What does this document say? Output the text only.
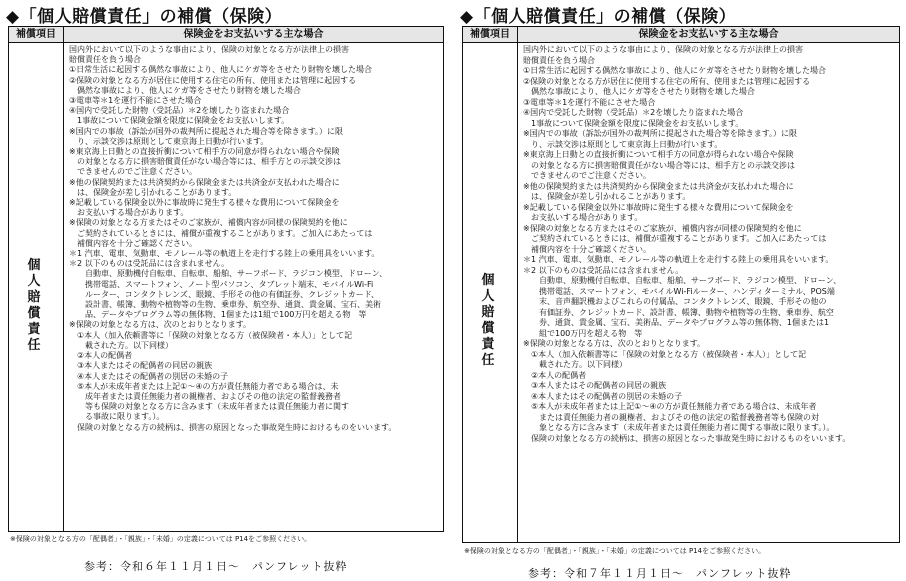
◆「個人賠償責任」の補償（保険）
補償項目	保険金をお支払いする主な場合
個人賠償責任
国内外において以下のような事由により、保険の対象となる方が法律上の損害
賠償責任を負う場合
①日常生活に起因する偶然な事故により、他人にケガ等をさせたり財物を壊した場合
②保険の対象となる方が居住に使用する住宅の所有、使用または管理に起因する
　偶然な事故により、他人にケガ等をさせたり財物を壊した場合
③電車等＊1を運行不能にさせた場合
④国内で受託した財物（受託品）＊2を壊したり盗まれた場合
　1事故について保険金額を限度に保険金をお支払いします。
※国内での事故（訴訟が国外の裁判所に提起された場合等を除きます。）に限
　り、示談交渉は原則として東京海上日動が行います。
※東京海上日動との直接折衝について相手方の同意が得られない場合や保険
　の対象となる方に損害賠償責任がない場合等には、相手方との示談交渉は
　できませんのでご注意ください。
※他の保険契約または共済契約から保険金または共済金が支払われた場合に
　は、保険金が差し引かれることがあります。
※記載している保険金以外に事故時に発生する様々な費用について保険金を
　お支払いする場合があります。
※保険の対象となる方またはそのご家族が、補償内容が同様の保険契約を他に
　ご契約されているときには、補償が重複することがあります。ご加入にあたっては
　補償内容を十分ご確認ください。
＊1 汽車、電車、気動車、モノレール等の軌道上を走行する陸上の乗用具をいいます。
＊2 以下のものは受託品には含まれません。
　　自動車、原動機付自転車、自転車、船舶、サーフボード、ラジコン模型、ドローン、
　　携帯電話、スマートフォン、ノート型パソコン、タブレット端末、モバイルWi-Fi
　　ルーター、コンタクトレンズ、眼鏡、手形その他の有価証券、クレジットカード、
　　設計書、帳簿、動物や植物等の生物、乗車券、航空券、通貨、貴金属、宝石、美術
　　品、データやプログラム等の無体物、1個または1組で100万円を超える物　等
※保険の対象となる方は、次のとおりとなります。
　①本人（加入依頼書等に「保険の対象となる方（被保険者・本人）」として記
　　載された方。以下同様）
　②本人の配偶者
　③本人またはその配偶者の同居の親族
　④本人またはその配偶者の別居の未婚の子
　⑤本人が未成年者または上記①～④の方が責任無能力者である場合は、未
　　成年者または責任無能力者の親権者、およびその他の法定の監督義務者
　　等も保険の対象となる方に含みます（未成年者または責任無能力者に関す
　　る事故に限ります。）。
　保険の対象となる方の続柄は、損害の原因となった事故発生時におけるものをいいます。
※保険の対象となる方の「配偶者」・「親族」・「未婚」の定義については P14をご参照ください。
参考：令和６年１１月１日～　パンフレット抜粋
◆「個人賠償責任」の補償（保険）
補償項目	保険金をお支払いする主な場合
個人賠償責任
国内外において以下のような事由により、保険の対象となる方が法律上の損害
賠償責任を負う場合
①日常生活に起因する偶然な事故により、他人にケガ等をさせたり財物を壊した場合
②保険の対象となる方が居住に使用する住宅の所有、使用または管理に起因する
　偶然な事故により、他人にケガ等をさせたり財物を壊した場合
③電車等＊1を運行不能にさせた場合
④国内で受託した財物（受託品）＊2を壊したり盗まれた場合
　1事故について保険金額を限度に保険金をお支払いします。
※国内での事故（訴訟が国外の裁判所に提起された場合等を除きます。）に限
　り、示談交渉は原則として東京海上日動が行います。
※東京海上日動との直接折衝について相手方の同意が得られない場合や保険
　の対象となる方に損害賠償責任がない場合等には、相手方との示談交渉は
　できませんのでご注意ください。
※他の保険契約または共済契約から保険金または共済金が支払われた場合に
　は、保険金が差し引かれることがあります。
※記載している保険金以外に事故時に発生する様々な費用について保険金を
　お支払いする場合があります。
※保険の対象となる方またはそのご家族が、補償内容が同様の保険契約を他に
　ご契約されているときには、補償が重複することがあります。ご加入にあたっては
　補償内容を十分ご確認ください。
＊1 汽車、電車、気動車、モノレール等の軌道上を走行する陸上の乗用具をいいます。
＊2 以下のものは受託品には含まれません。
　　自動車、原動機付自転車、自転車、船舶、サーフボード、ラジコン模型、ドローン、
　　携帯電話、スマートフォン、モバイルWi-Fiルーター、ハンディターミナル、POS端
　　末、音声翻訳機およびこれらの付属品、コンタクトレンズ、眼鏡、手形その他の
　　有価証券、クレジットカード、設計書、帳簿、動物や植物等の生物、乗車券、航空
　　券、通貨、貴金属、宝石、美術品、データやプログラム等の無体物、1個または1
　　組で100万円を超える物　等
※保険の対象となる方は、次のとおりとなります。
　①本人（加入依頼書等に「保険の対象となる方（被保険者・本人）」として記
　　載された方。以下同様）
　②本人の配偶者
　③本人またはその配偶者の同居の親族
　④本人またはその配偶者の別居の未婚の子
　⑤本人が未成年者または上記①～④の方が責任無能力者である場合は、未成年者
　　または責任無能力者の親権者、およびその他の法定の監督義務者等も保険の対
　　象となる方に含みます（未成年者または責任無能力者に関する事故に限ります。）。
　保険の対象となる方の続柄は、損害の原因となった事故発生時におけるものをいいます。
※保険の対象となる方の「配偶者」・「親族」・「未婚」の定義については P14をご参照ください。
参考：令和７年１１月１日～　パンフレット抜粋
